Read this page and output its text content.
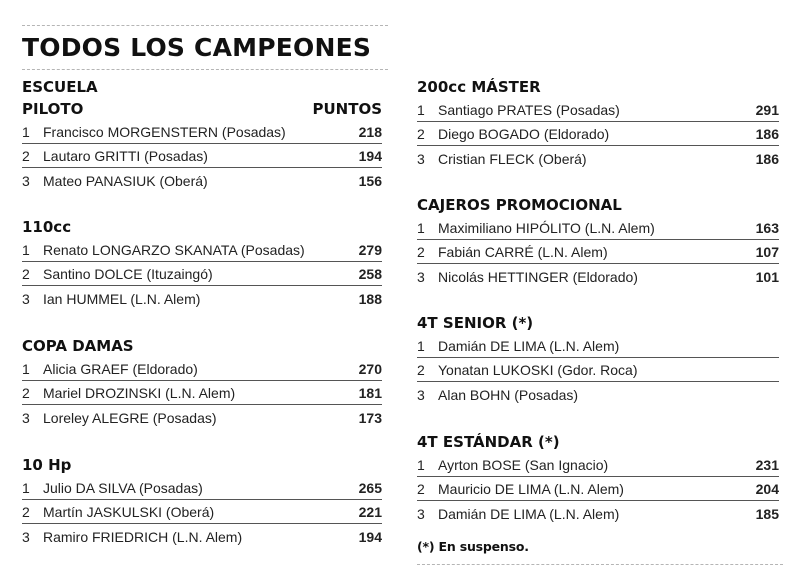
TODOS LOS CAMPEONES
ESCUELA
PILOTO	PUNTOS
1 Francisco MORGENSTERN (Posadas)	218
2 Lautaro GRITTI (Posadas)	194
3 Mateo PANASIUK (Oberá)	156
110cc
1 Renato LONGARZO SKANATA (Posadas)	279
2 Santino DOLCE (Ituzaingó)	258
3 Ian HUMMEL (L.N. Alem)	188
COPA DAMAS
1 Alicia GRAEF (Eldorado)	270
2 Mariel DROZINSKI (L.N. Alem)	181
3 Loreley ALEGRE (Posadas)	173
10 Hp
1 Julio DA SILVA (Posadas)	265
2 Martín JASKULSKI (Oberá)	221
3 Ramiro FRIEDRICH (L.N. Alem)	194
200cc MÁSTER
1 Santiago PRATES (Posadas)	291
2 Diego BOGADO (Eldorado)	186
3 Cristian FLECK (Oberá)	186
CAJEROS PROMOCIONAL
1 Maximiliano HIPÓLITO (L.N. Alem)	163
2 Fabián CARRÉ (L.N. Alem)	107
3 Nicolás HETTINGER (Eldorado)	101
4T SENIOR (*)
1 Damián DE LIMA (L.N. Alem)
2 Yonatan LUKOSKI (Gdor. Roca)
3 Alan BOHN (Posadas)
4T ESTÁNDAR (*)
1 Ayrton BOSE (San Ignacio)	231
2 Mauricio DE LIMA (L.N. Alem)	204
3 Damián DE LIMA (L.N. Alem)	185
(*) En suspenso.
